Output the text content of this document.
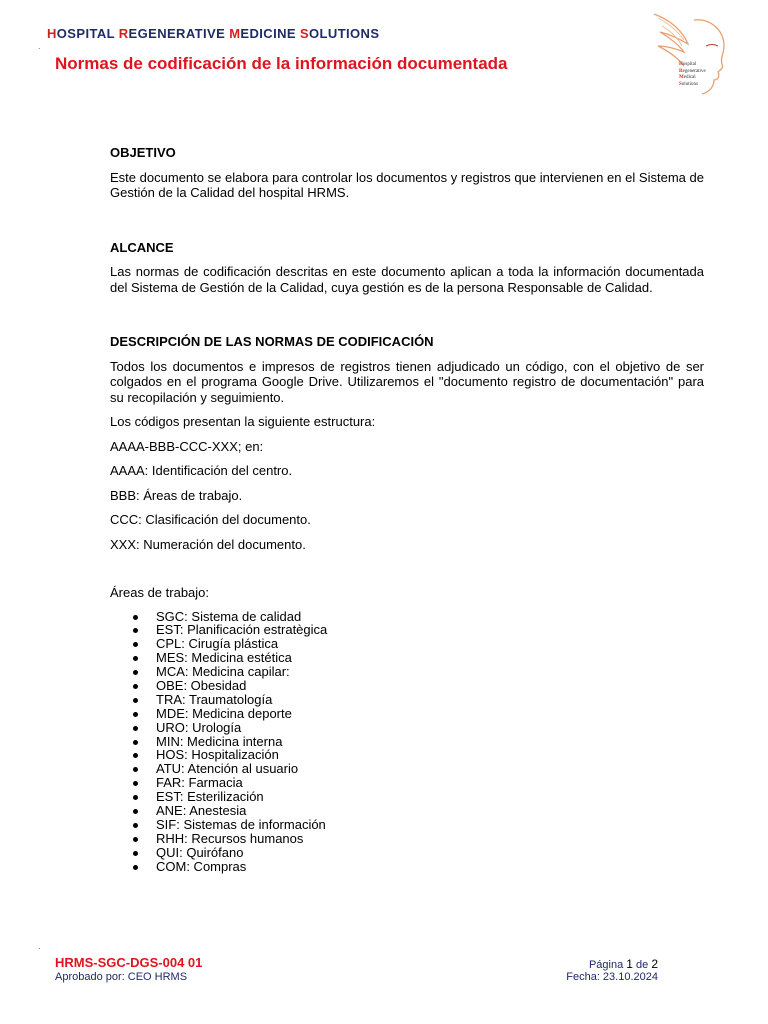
HOSPITAL REGENERATIVE MEDICINE SOLUTIONS
·
Normas de codificación de la información documentada	Hospital
Regenerative
Medical
Solutions
OBJETIVO

Este documento se elabora para controlar los documentos y registros que intervienen en el Sistema de Gestión de la Calidad del hospital HRMS.

ALCANCE

Las normas de codificación descritas en este documento aplican a toda la información documentada del Sistema de Gestión de la Calidad, cuya gestión es de la persona Responsable de Calidad.

DESCRIPCIÓN DE LAS NORMAS DE CODIFICACIÓN

Todos los documentos e impresos de registros tienen adjudicado un código, con el objetivo de ser colgados en el programa Google Drive. Utilizaremos el "documento registro de documentación" para su recopilación y seguimiento.

Los códigos presentan la siguiente estructura:

AAAA-BBB-CCC-XXX; en:

AAAA: Identificación del centro.

BBB: Áreas de trabajo.

CCC: Clasificación del documento.

XXX: Numeración del documento.

Áreas de trabajo:

SGC: Sistema de calidad
EST: Planificación estratègica
CPL: Cirugía plástica
MES: Medicina estética
MCA: Medicina capilar:
OBE: Obesidad
TRA: Traumatología
MDE: Medicina deporte
URO: Urología
MIN: Medicina interna
HOS: Hospitalización
ATU: Atención al usuario
FAR: Farmacia
EST: Esterilización
ANE: Anestesia
SIF: Sistemas de información
RHH: Recursos humanos
QUI: Quirófano
COM: Compras
·
HRMS-SGC-DGS-004 01
Aprobado por: CEO HRMS
Página 1 de 2
Fecha: 23.10.2024
